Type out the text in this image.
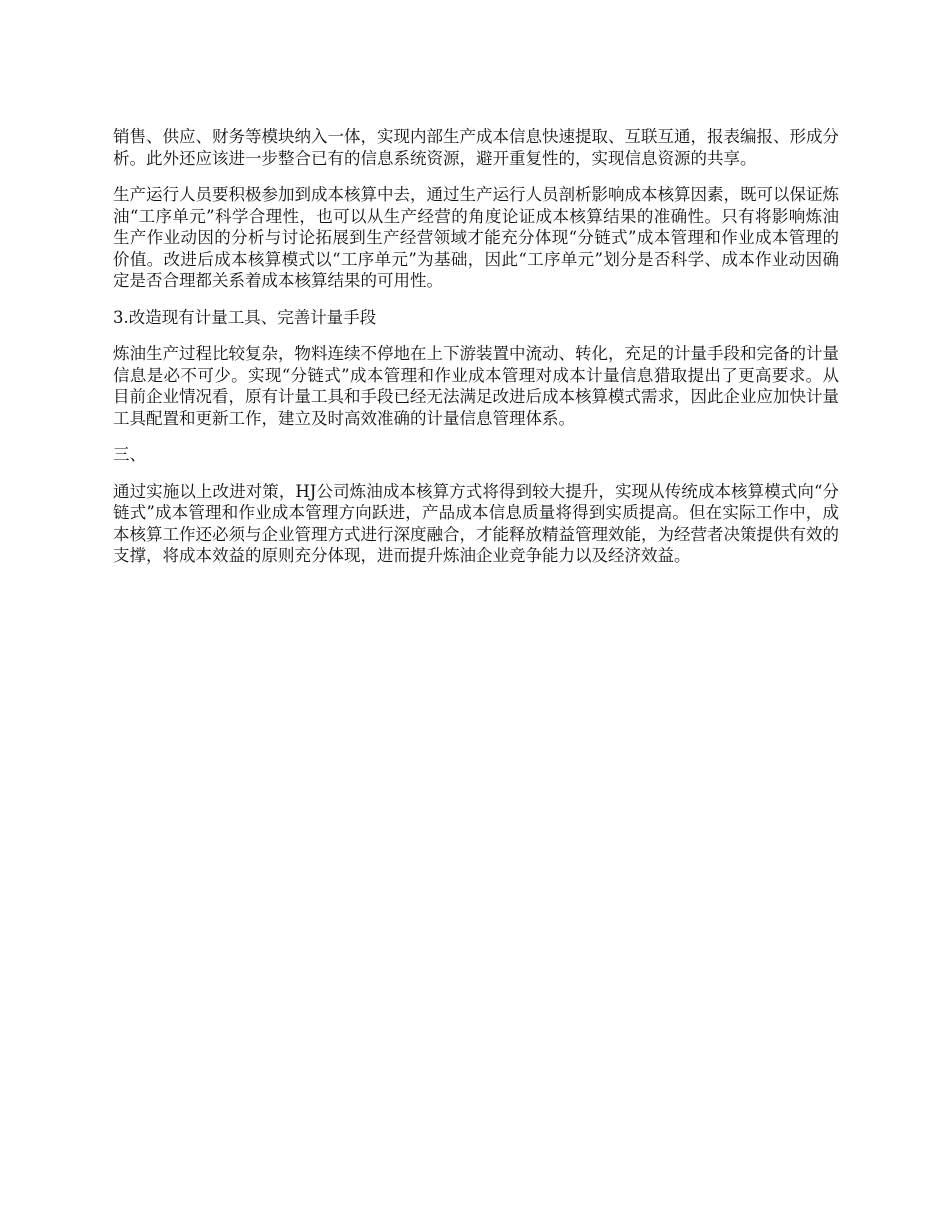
销售、供应、财务等模块纳入一体，实现内部生产成本信息快速提取、互联互通，报表编报、形成分析。此外还应该进一步整合已有的信息系统资源，避开重复性的，实现信息资源的共享。

生产运行人员要积极参加到成本核算中去，通过生产运行人员剖析影响成本核算因素，既可以保证炼油“工序单元”科学合理性，也可以从生产经营的角度论证成本核算结果的准确性。只有将影响炼油生产作业动因的分析与讨论拓展到生产经营领域才能充分体现“分链式”成本管理和作业成本管理的价值。改进后成本核算模式以“工序单元”为基础，因此“工序单元”划分是否科学、成本作业动因确定是否合理都关系着成本核算结果的可用性。

3.改造现有计量工具、完善计量手段

炼油生产过程比较复杂，物料连续不停地在上下游装置中流动、转化，充足的计量手段和完备的计量信息是必不可少。实现“分链式”成本管理和作业成本管理对成本计量信息猎取提出了更高要求。从目前企业情况看，原有计量工具和手段已经无法满足改进后成本核算模式需求，因此企业应加快计量工具配置和更新工作，建立及时高效准确的计量信息管理体系。

三、

通过实施以上改进对策，HJ公司炼油成本核算方式将得到较大提升，实现从传统成本核算模式向“分链式”成本管理和作业成本管理方向跃进，产品成本信息质量将得到实质提高。但在实际工作中，成本核算工作还必须与企业管理方式进行深度融合，才能释放精益管理效能，为经营者决策提供有效的支撑，将成本效益的原则充分体现，进而提升炼油企业竞争能力以及经济效益。
